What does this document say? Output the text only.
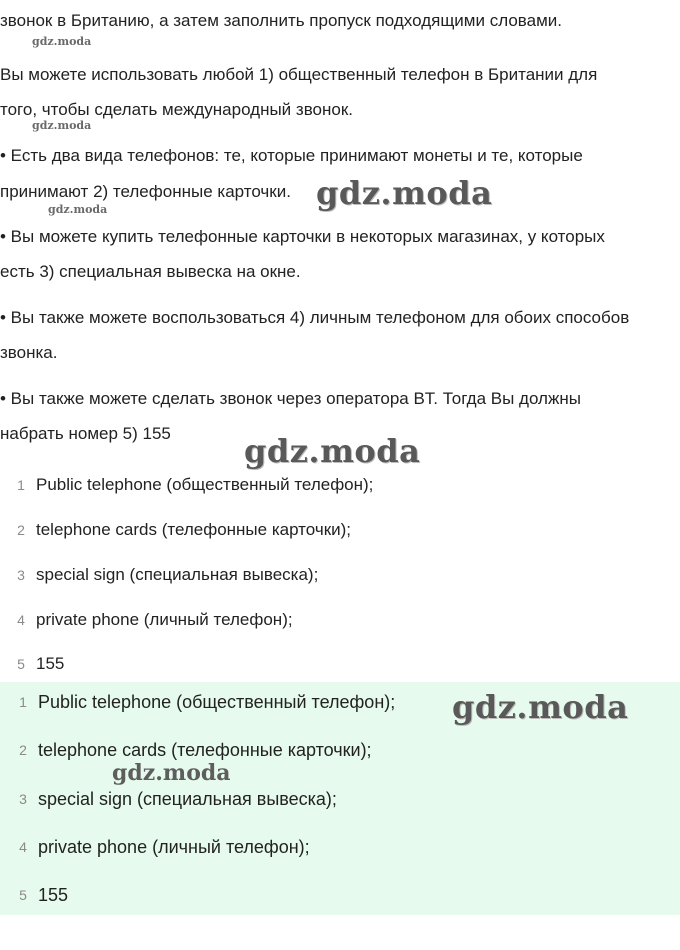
звонок в Британию, а затем заполнить пропуск подходящими словами.
Вы можете использовать любой 1) общественный телефон в Британии для
того, чтобы сделать международный звонок.
• Есть два вида телефонов: те, которые принимают монеты и те, которые
принимают 2) телефонные карточки.
• Вы можете купить телефонные карточки в некоторых магазинах, у которых
есть 3) специальная вывеска на окне.
• Вы также можете воспользоваться 4) личным телефоном для обоих способов
звонка.
• Вы также можете сделать звонок через оператора BT. Тогда Вы должны
набрать номер 5) 155
1 Public telephone (общественный телефон);
2 telephone cards (телефонные карточки);
3 special sign (специальная вывеска);
4 private phone (личный телефон);
5 155
1 Public telephone (общественный телефон);
2 telephone cards (телефонные карточки);
3 special sign (специальная вывеска);
4 private phone (личный телефон);
5 155
gdz.moda
gdz.moda
gdz.moda	gdz.moda
gdz.moda
gdz.moda
gdz.moda
